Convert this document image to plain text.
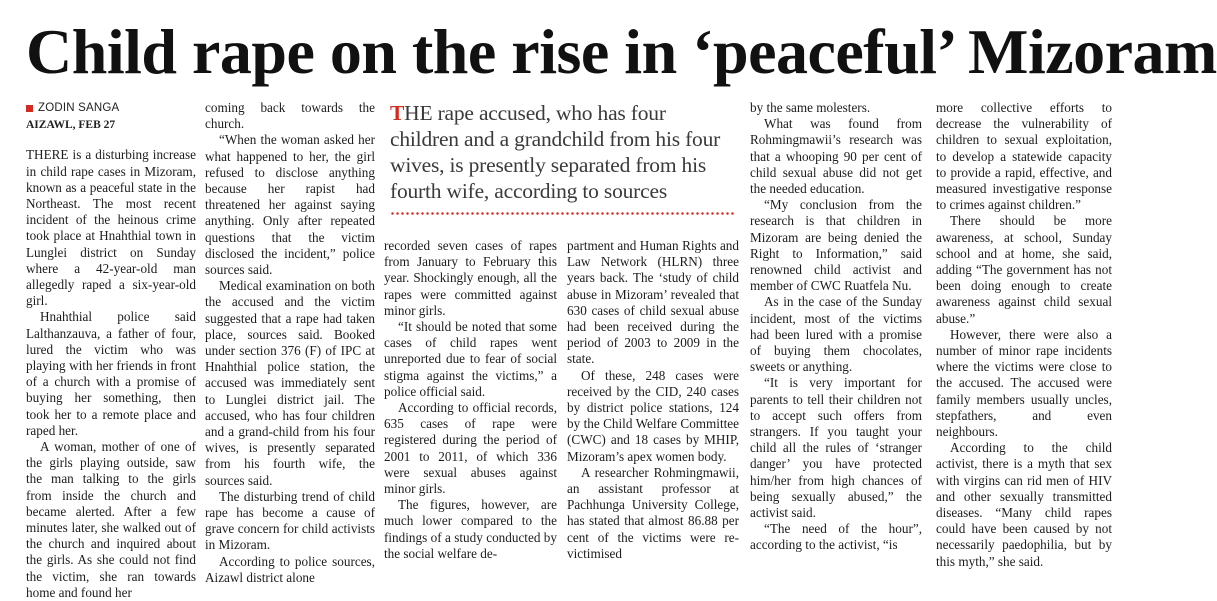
Child rape on the rise in ‘peaceful’ Mizoram
ZODIN SANGA
AIZAWL, FEB 27

THERE is a disturbing increase in child rape cases in Mizoram, known as a peaceful state in the Northeast. The most recent incident of the heinous crime took place at Hnahthial town in Lunglei district on Sunday where a 42-year-old man allegedly raped a six-year-old girl.

Hnahthial police said Lalthanzauva, a father of four, lured the victim who was playing with her friends in front of a church with a promise of buying her something, then took her to a remote place and raped her.

A woman, mother of one of the girls playing outside, saw the man talking to the girls from inside the church and became alerted. After a few minutes later, she walked out of the church and inquired about the girls. As she could not find the victim, she ran towards home and found her

coming back towards the church.

“When the woman asked her what happened to her, the girl refused to disclose anything because her rapist had threatened her against saying anything. Only after repeated questions that the victim disclosed the incident,” police sources said.

Medical examination on both the accused and the victim suggested that a rape had taken place, sources said. Booked under section 376 (F) of IPC at Hnahthial police station, the accused was immediately sent to Lunglei district jail. The accused, who has four children and a grand-child from his four wives, is presently separated from his fourth wife, the sources said.

The disturbing trend of child rape has become a cause of grave concern for child activists in Mizoram.

According to police sources, Aizawl district alone

THE rape accused, who has four children and a grandchild from his four wives, is presently separated from his fourth wife, according to sources

recorded seven cases of rapes from January to February this year. Shockingly enough, all the rapes were committed against minor girls.

“It should be noted that some cases of child rapes went unreported due to fear of social stigma against the victims,” a police official said.

According to official records, 635 cases of rape were registered during the period of 2001 to 2011, of which 336 were sexual abuses against minor girls.

The figures, however, are much lower compared to the findings of a study conducted by the social welfare de-

partment and Human Rights and Law Network (HLRN) three years back. The ‘study of child abuse in Mizoram’ revealed that 630 cases of child sexual abuse had been received during the period of 2003 to 2009 in the state.

Of these, 248 cases were received by the CID, 240 cases by district police stations, 124 by the Child Welfare Committee (CWC) and 18 cases by MHIP, Mizoram’s apex women body.

A researcher Rohmingmawii, an assistant professor at Pachhunga University College, has stated that almost 86.88 per cent of the victims were re-victimised

by the same molesters.

What was found from Rohmingmawii’s research was that a whooping 90 per cent of child sexual abuse did not get the needed education.

“My conclusion from the research is that children in Mizoram are being denied the Right to Information,” said renowned child activist and member of CWC Ruatfela Nu.

As in the case of the Sunday incident, most of the victims had been lured with a promise of buying them chocolates, sweets or anything.

“It is very important for parents to tell their children not to accept such offers from strangers. If you taught your child all the rules of ‘stranger danger’ you have protected him/her from high chances of being sexually abused,” the activist said.

“The need of the hour”, according to the activist, “is

more collective efforts to decrease the vulnerability of children to sexual exploitation, to develop a statewide capacity to provide a rapid, effective, and measured investigative response to crimes against children.”

There should be more awareness, at school, Sunday school and at home, she said, adding “The government has not been doing enough to create awareness against child sexual abuse.”

However, there were also a number of minor rape incidents where the victims were close to the accused. The accused were family members usually uncles, stepfathers, and even neighbours.

According to the child activist, there is a myth that sex with virgins can rid men of HIV and other sexually transmitted diseases. “Many child rapes could have been caused by not necessarily paedophilia, but by this myth,” she said.
